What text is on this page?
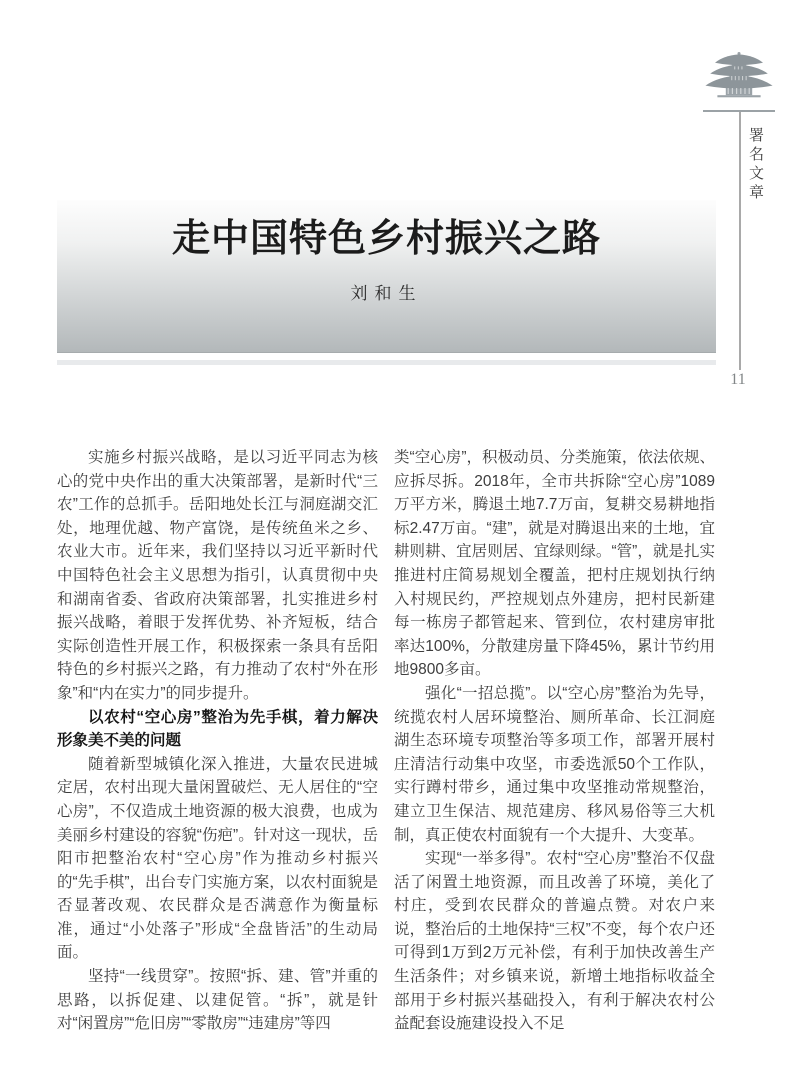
署名文章
11
走中国特色乡村振兴之路
刘和生

实施乡村振兴战略，是以习近平同志为核心的党中央作出的重大决策部署，是新时代“三农”工作的总抓手。岳阳地处长江与洞庭湖交汇处，地理优越、物产富饶，是传统鱼米之乡、农业大市。近年来，我们坚持以习近平新时代中国特色社会主义思想为指引，认真贯彻中央和湖南省委、省政府决策部署，扎实推进乡村振兴战略，着眼于发挥优势、补齐短板，结合实际创造性开展工作，积极探索一条具有岳阳特色的乡村振兴之路，有力推动了农村“外在形象”和“内在实力”的同步提升。

以农村“空心房”整治为先手棋，着力解决形象美不美的问题

随着新型城镇化深入推进，大量农民进城定居，农村出现大量闲置破烂、无人居住的“空心房”，不仅造成土地资源的极大浪费，也成为美丽乡村建设的容貌“伤疤”。针对这一现状，岳阳市把整治农村“空心房”作为推动乡村振兴的“先手棋”，出台专门实施方案，以农村面貌是否显著改观、农民群众是否满意作为衡量标准，通过“小处落子”形成“全盘皆活”的生动局面。

坚持“一线贯穿”。按照“拆、建、管”并重的思路，以拆促建、以建促管。“拆”，就是针对“闲置房”“危旧房”“零散房”“违建房”等四

类“空心房”，积极动员、分类施策，依法依规、应拆尽拆。2018年，全市共拆除“空心房”1089万平方米，腾退土地7.7万亩，复耕交易耕地指标2.47万亩。“建”，就是对腾退出来的土地，宜耕则耕、宜居则居、宜绿则绿。“管”，就是扎实推进村庄简易规划全覆盖，把村庄规划执行纳入村规民约，严控规划点外建房，把村民新建每一栋房子都管起来、管到位，农村建房审批率达100%，分散建房量下降45%，累计节约用地9800多亩。

强化“一招总揽”。以“空心房”整治为先导，统揽农村人居环境整治、厕所革命、长江洞庭湖生态环境专项整治等多项工作，部署开展村庄清洁行动集中攻坚，市委选派50个工作队，实行蹲村带乡，通过集中攻坚推动常规整治，建立卫生保洁、规范建房、移风易俗等三大机制，真正使农村面貌有一个大提升、大变革。

实现“一举多得”。农村“空心房”整治不仅盘活了闲置土地资源，而且改善了环境，美化了村庄，受到农民群众的普遍点赞。对农户来说，整治后的土地保持“三权”不变，每个农户还可得到1万到2万元补偿，有利于加快改善生产生活条件；对乡镇来说，新增土地指标收益全部用于乡村振兴基础投入，有利于解决农村公益配套设施建设投入不足
